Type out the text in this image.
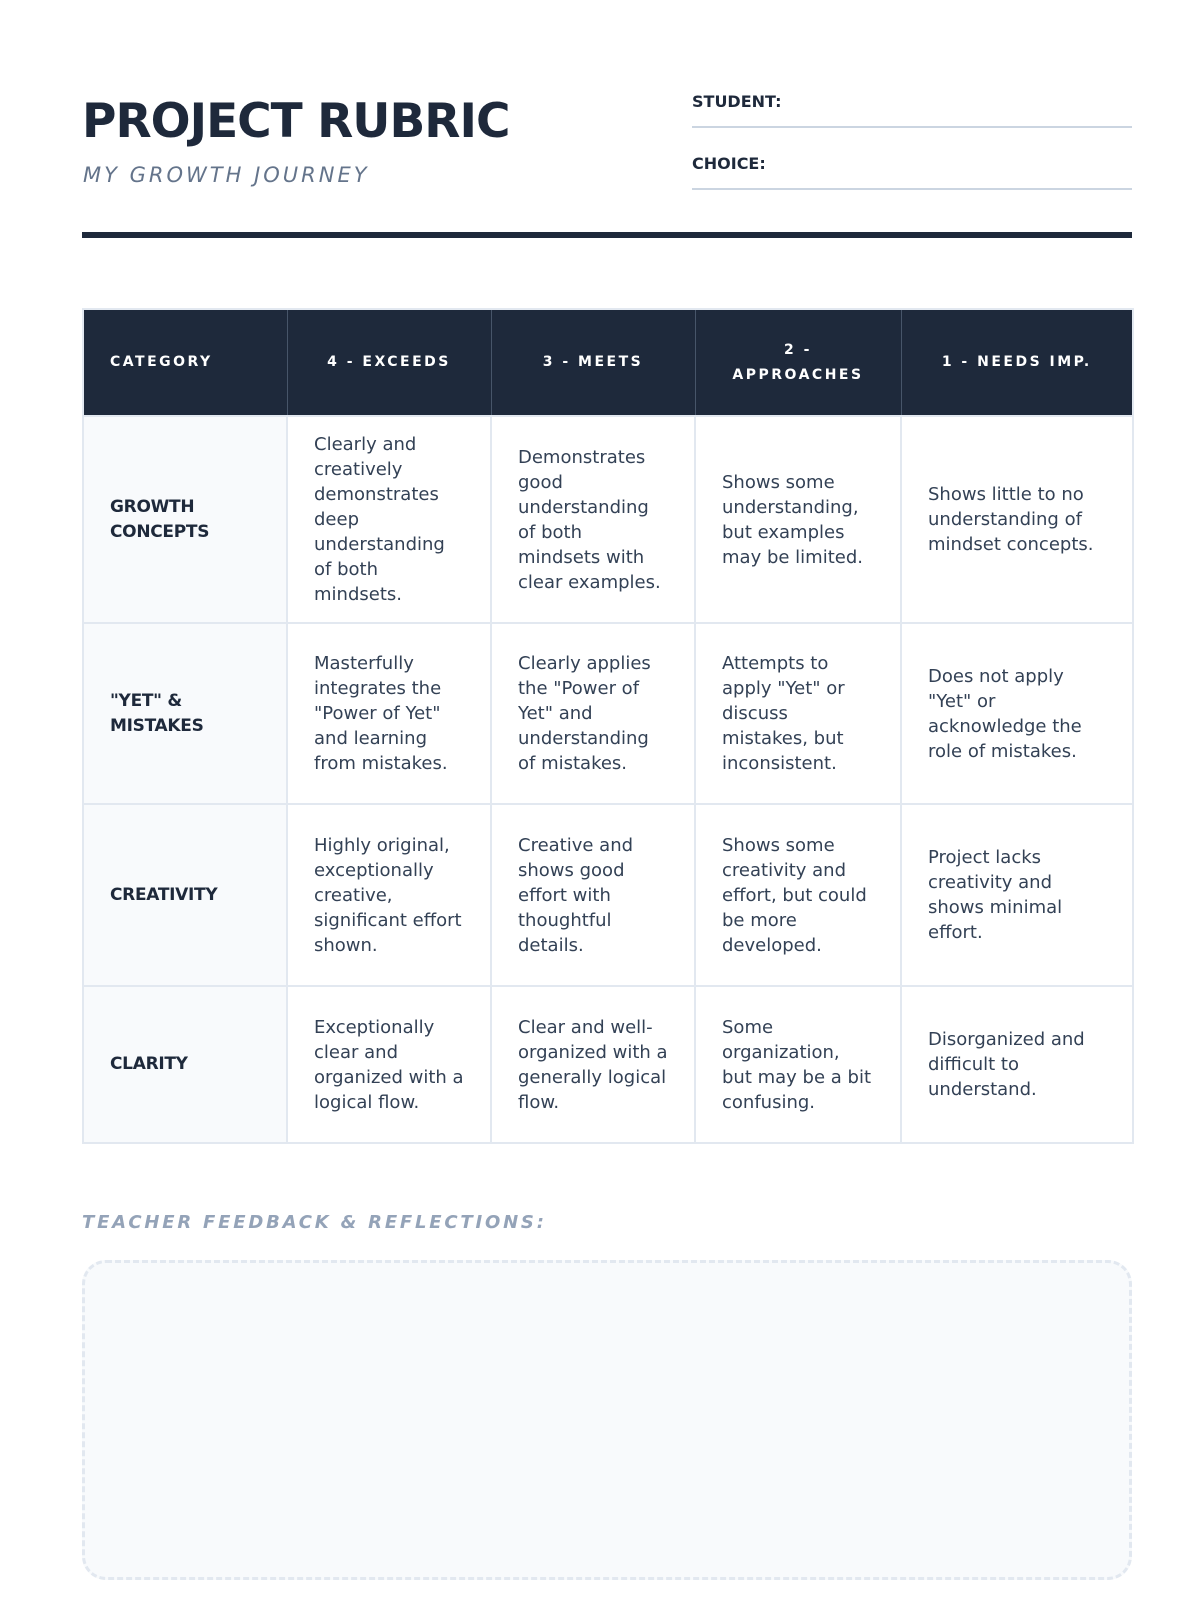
PROJECT RUBRIC
MY GROWTH JOURNEY
STUDENT:
CHOICE:
CATEGORY	4 - EXCEEDS	3 - MEETS	2 - APPROACHES	1 - NEEDS IMP.
GROWTH CONCEPTS	Clearly and creatively demonstrates deep understanding of both mindsets.	Demonstrates good understanding of both mindsets with clear examples.	Shows some understanding, but examples may be limited.	Shows little to no understanding of mindset concepts.
"YET" & MISTAKES	Masterfully integrates the "Power of Yet" and learning from mistakes.	Clearly applies the "Power of Yet" and understanding of mistakes.	Attempts to apply "Yet" or discuss mistakes, but inconsistent.	Does not apply "Yet" or acknowledge the role of mistakes.
CREATIVITY	Highly original, exceptionally creative, significant effort shown.	Creative and shows good effort with thoughtful details.	Shows some creativity and effort, but could be more developed.	Project lacks creativity and shows minimal effort.
CLARITY	Exceptionally clear and organized with a logical flow.	Clear and well-organized with a generally logical flow.	Some organization, but may be a bit confusing.	Disorganized and difficult to understand.
TEACHER FEEDBACK & REFLECTIONS:
